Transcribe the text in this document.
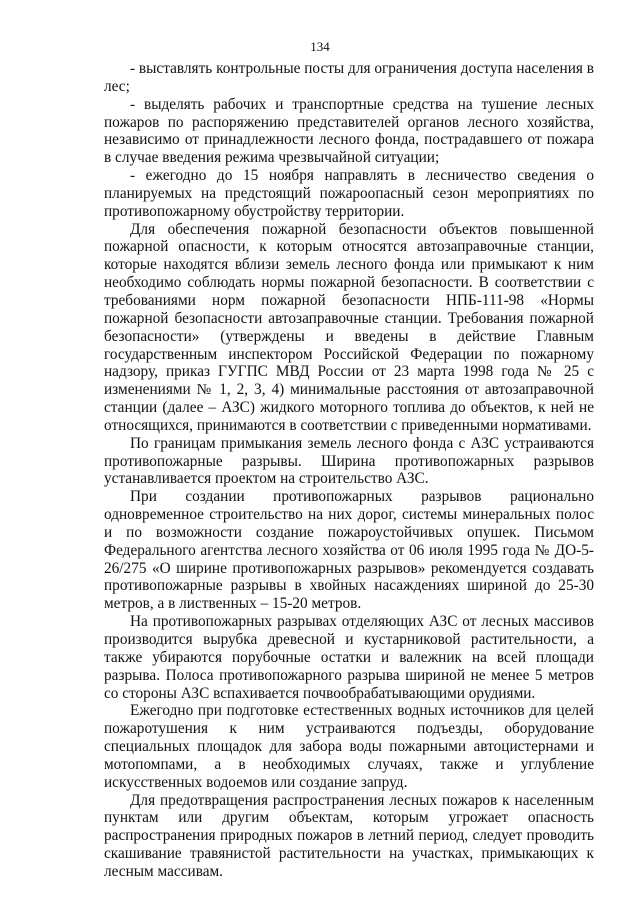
134

- выставлять контрольные посты для ограничения доступа населения в лес;

- выделять рабочих и транспортные средства на тушение лесных пожаров по распоряжению представителей органов лесного хозяйства, независимо от принадлежности лесного фонда, пострадавшего от пожара в случае введения режима чрезвычайной ситуации;

- ежегодно до 15 ноября направлять в лесничество сведения о планируемых на предстоящий пожароопасный сезон мероприятиях по противопожарному обустройству территории.

Для обеспечения пожарной безопасности объектов повышенной пожарной опасности, к которым относятся автозаправочные станции, которые находятся вблизи земель лесного фонда или примыкают к ним необходимо соблюдать нормы пожарной безопасности. В соответствии с требованиями норм пожарной безопасности НПБ-111-98 «Нормы пожарной безопасности автозаправочные станции. Требования пожарной безопасности» (утверждены и введены в действие Главным государственным инспектором Российской Федерации по пожарному надзору, приказ ГУГПС МВД России от 23 марта 1998 года № 25 с изменениями № 1, 2, 3, 4) минимальные расстояния от автозаправочной станции (далее – АЗС) жидкого моторного топлива до объектов, к ней не относящихся, принимаются в соответствии с приведенными нормативами.

По границам примыкания земель лесного фонда с АЗС устраиваются противопожарные разрывы. Ширина противопожарных разрывов устанавливается проектом на строительство АЗС.

При создании противопожарных разрывов рационально одновременное строительство на них дорог, системы минеральных полос и по возможности создание пожароустойчивых опушек. Письмом Федерального агентства лесного хозяйства от 06 июля 1995 года № ДО-5-26/275 «О ширине противопожарных разрывов» рекомендуется создавать противопожарные разрывы в хвойных насаждениях шириной до 25-30 метров, а в лиственных – 15-20 метров.

На противопожарных разрывах отделяющих АЗС от лесных массивов производится вырубка древесной и кустарниковой растительности, а также убираются порубочные остатки и валежник на всей площади разрыва. Полоса противопожарного разрыва шириной не менее 5 метров со стороны АЗС вспахивается почвообрабатывающими орудиями.

Ежегодно при подготовке естественных водных источников для целей пожаротушения к ним устраиваются подъезды, оборудование специальных площадок для забора воды пожарными автоцистернами и мотопомпами, а в необходимых случаях, также и углубление искусственных водоемов или создание запруд.

Для предотвращения распространения лесных пожаров к населенным пунктам или другим объектам, которым угрожает опасность распространения природных пожаров в летний период, следует проводить скашивание травянистой растительности на участках, примыкающих к лесным массивам.
